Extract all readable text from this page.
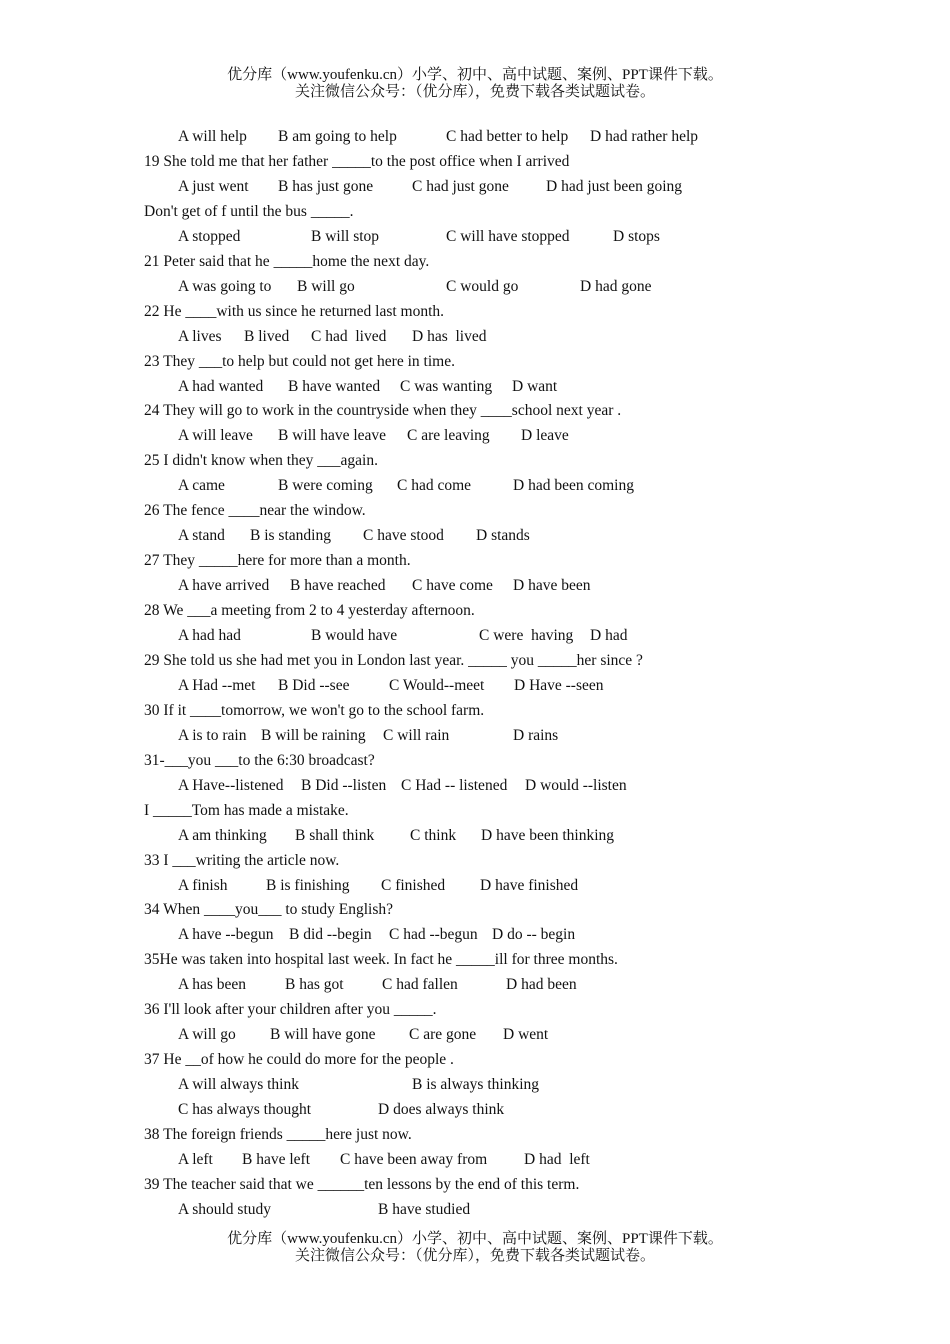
优分库（www.youfenku.cn）小学、初中、高中试题、案例、PPT课件下载。
关注微信公众号：（优分库），免费下载各类试题试卷。
A will help B am going to help	C had better to help D had rather help
19 She told me that her father _____to the post office when I arrived
A just went B has just gone	C had just gone D had just been going
Don't get of f until the bus _____.
A stopped	B will stop	C will have stopped	D stops
21 Peter said that he _____home the next day.
A was going to B will go	C would go	D had gone
22 He ____with us since he returned last month.
A lives B lived C had  lived D has  lived
23 They ___to help but could not get here in time.
A had wanted B have wanted C was wanting D want
24 They will go to work in the countryside when they ____school next year .
A will leave B will have leave C are leaving D leave
25 I didn't know when they ___again.
A came	B were coming C had come	D had been coming
26 The fence ____near the window.
A stand B is standing C have stood D stands
27 They _____here for more than a month.
A have arrived B have reached C have come D have been
28 We ___a meeting from 2 to 4 yesterday afternoon.
A had had	B would have	C were  having D had
29 She told us she had met you in London last year. _____ you _____her since ?
A Had --met B Did --see	C Would--meet D Have --seen
30 If it ____tomorrow, we won't go to the school farm.
A is to rain B will be raining C will rain	D rains
31-___you ___to the 6:30 broadcast?
A Have--listened B Did --listen C Had -- listened D would --listen
I _____Tom has made a mistake.
A am thinking B shall think C think D have been thinking
33 I ___writing the article now.
A finish B is finishing C finished D have finished
34 When ____you___ to study English?
A have --begun B did --begin C had --begun D do -- begin
35He was taken into hospital last week. In fact he _____ill for three months.
A has been	B has got C had fallen	D had been
36 I'll look after your children after you _____.
A will go B will have gone C are gone D went
37 He __of how he could do more for the people .
A will always think	B is always thinking
C has always thought	D does always think
38 The foreign friends _____here just now.
A left B have left C have been away from D had  left
39 The teacher said that we ______ten lessons by the end of this term.
A should study	B have studied
优分库（www.youfenku.cn）小学、初中、高中试题、案例、PPT课件下载。
关注微信公众号：（优分库），免费下载各类试题试卷。
